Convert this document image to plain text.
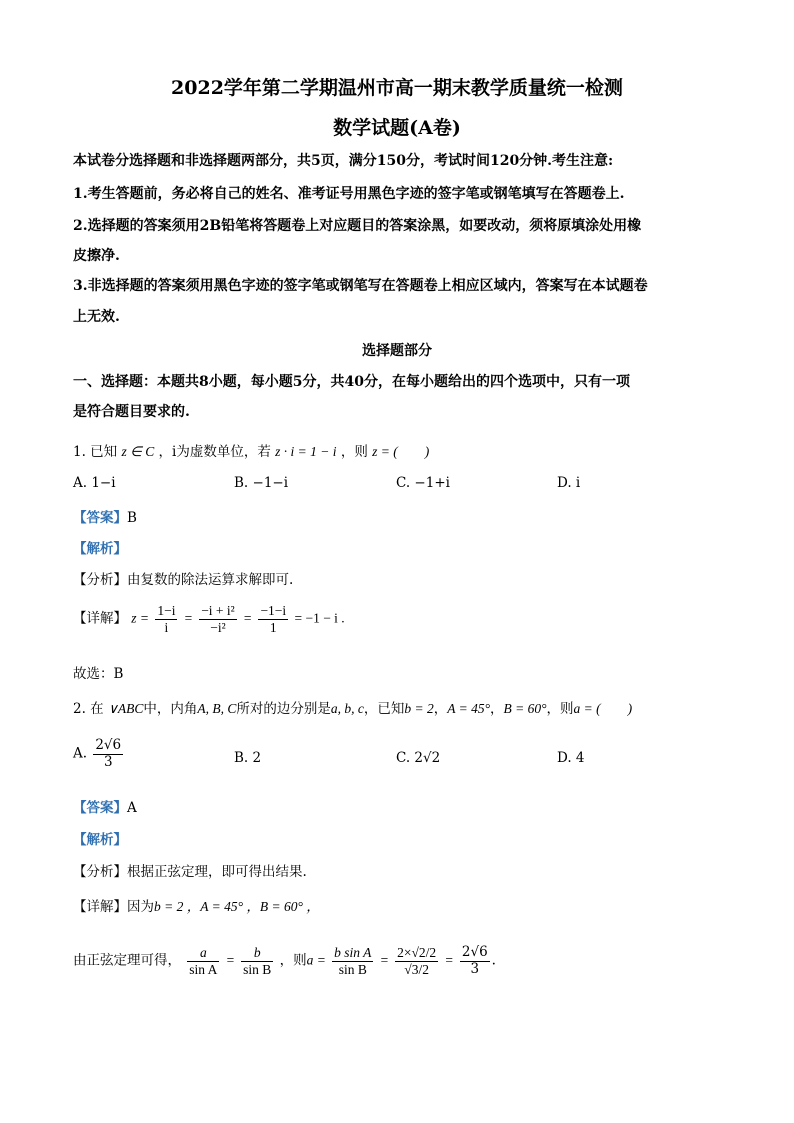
2022学年第二学期温州市高一期末教学质量统一检测
数学试题(A卷)
本试卷分选择题和非选择题两部分，共5页，满分150分，考试时间120分钟.考生注意:
1.考生答题前，务必将自己的姓名、准考证号用黑色字迹的签字笔或钢笔填写在答题卷上.
2.选择题的答案须用2B铅笔将答题卷上对应题目的答案涂黑，如要改动，须将原填涂处用橡
皮擦净.
3.非选择题的答案须用黑色字迹的签字笔或钢笔写在答题卷上相应区域内，答案写在本试题卷
上无效.
选择题部分
一、选择题：本题共8小题，每小题5分，共40分，在每小题给出的四个选项中，只有一项
是符合题目要求的.
1. 已知 z ∈ C ，i为虚数单位，若 z · i = 1 − i ，则 z = (　　)
A. 1−i	B. −1−i	C. −1+i	D. i
【答案】B
【解析】
【分析】由复数的除法运算求解即可.
【详解】 $z = \frac{1-i}{i} = \frac{\text{−i + i²}}{\text{−i²}} = \frac{-1-i}{1} = -1 - i$ .
故选：B
2. 在 ∨ABC中，内角A, B, C所对的边分别是a, b, c，已知b = 2，A = 45°，B = 60°，则a = (　　)
A. $\frac{2√6}{3}$	B. 2	C. 2√2	D. 4
【答案】A
【解析】
【分析】根据正弦定理，即可得出结果.
【详解】因为b = 2 ，A = 45° ，B = 60° ，
由正弦定理可得， $\frac{a}{\text{sin A}} = \frac{b}{\text{sin B}}$ ，则$a = \frac{\text{b sin A}}{\text{sin B}} = \frac{2\times√2/2}{√3/2} = \frac{2√6}{3}$ .
